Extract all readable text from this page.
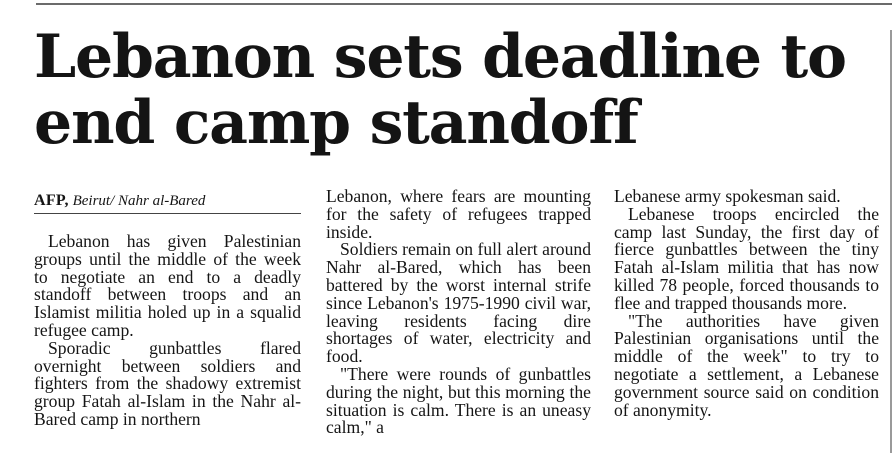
Lebanon sets deadline to end camp standoff
AFP, Beirut/ Nahr al-Bared

Lebanon has given Palestinian groups until the middle of the week to negotiate an end to a deadly standoff between troops and an Islamist militia holed up in a squalid refugee camp.

Sporadic gunbattles flared overnight between soldiers and fighters from the shadowy extremist group Fatah al-Islam in the Nahr al-Bared camp in northern

Lebanon, where fears are mounting for the safety of refugees trapped inside.

Soldiers remain on full alert around Nahr al-Bared, which has been battered by the worst internal strife since Lebanon's 1975-1990 civil war, leaving residents facing dire shortages of water, electricity and food.

"There were rounds of gunbattles during the night, but this morning the situation is calm. There is an uneasy calm," a

Lebanese army spokesman said.

Lebanese troops encircled the camp last Sunday, the first day of fierce gunbattles between the tiny Fatah al-Islam militia that has now killed 78 people, forced thousands to flee and trapped thousands more.

"The authorities have given Palestinian organisations until the middle of the week" to try to negotiate a settlement, a Lebanese government source said on condition of anonymity.
